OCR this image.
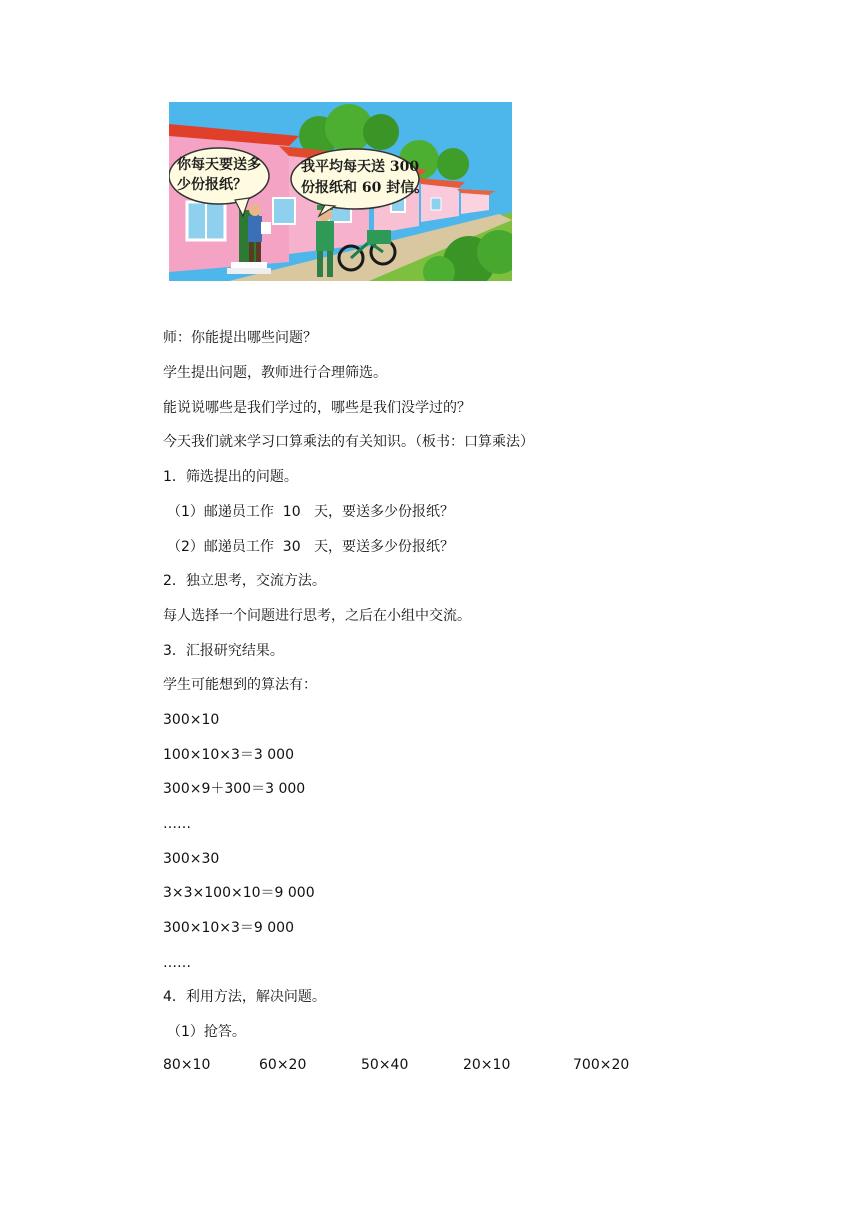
你每天要送多
少份报纸？
我平均每天送 300
份报纸和 60 封信。

师：你能提出哪些问题？

学生提出问题，教师进行合理筛选。

能说说哪些是我们学过的，哪些是我们没学过的？

今天我们就来学习口算乘法的有关知识。（板书：口算乘法）

1．筛选提出的问题。

（1）邮递员工作  10   天，要送多少份报纸？

（2）邮递员工作  30   天，要送多少份报纸？

2．独立思考，交流方法。

每人选择一个问题进行思考，之后在小组中交流。

3．汇报研究结果。

学生可能想到的算法有：

300×10

100×10×3＝3 000

300×9＋300＝3 000

……

300×30

3×3×100×10＝9 000

300×10×3＝9 000

……

4．利用方法，解决问题。

（1）抢答。

80×10	60×20	50×40	20×10	700×20
